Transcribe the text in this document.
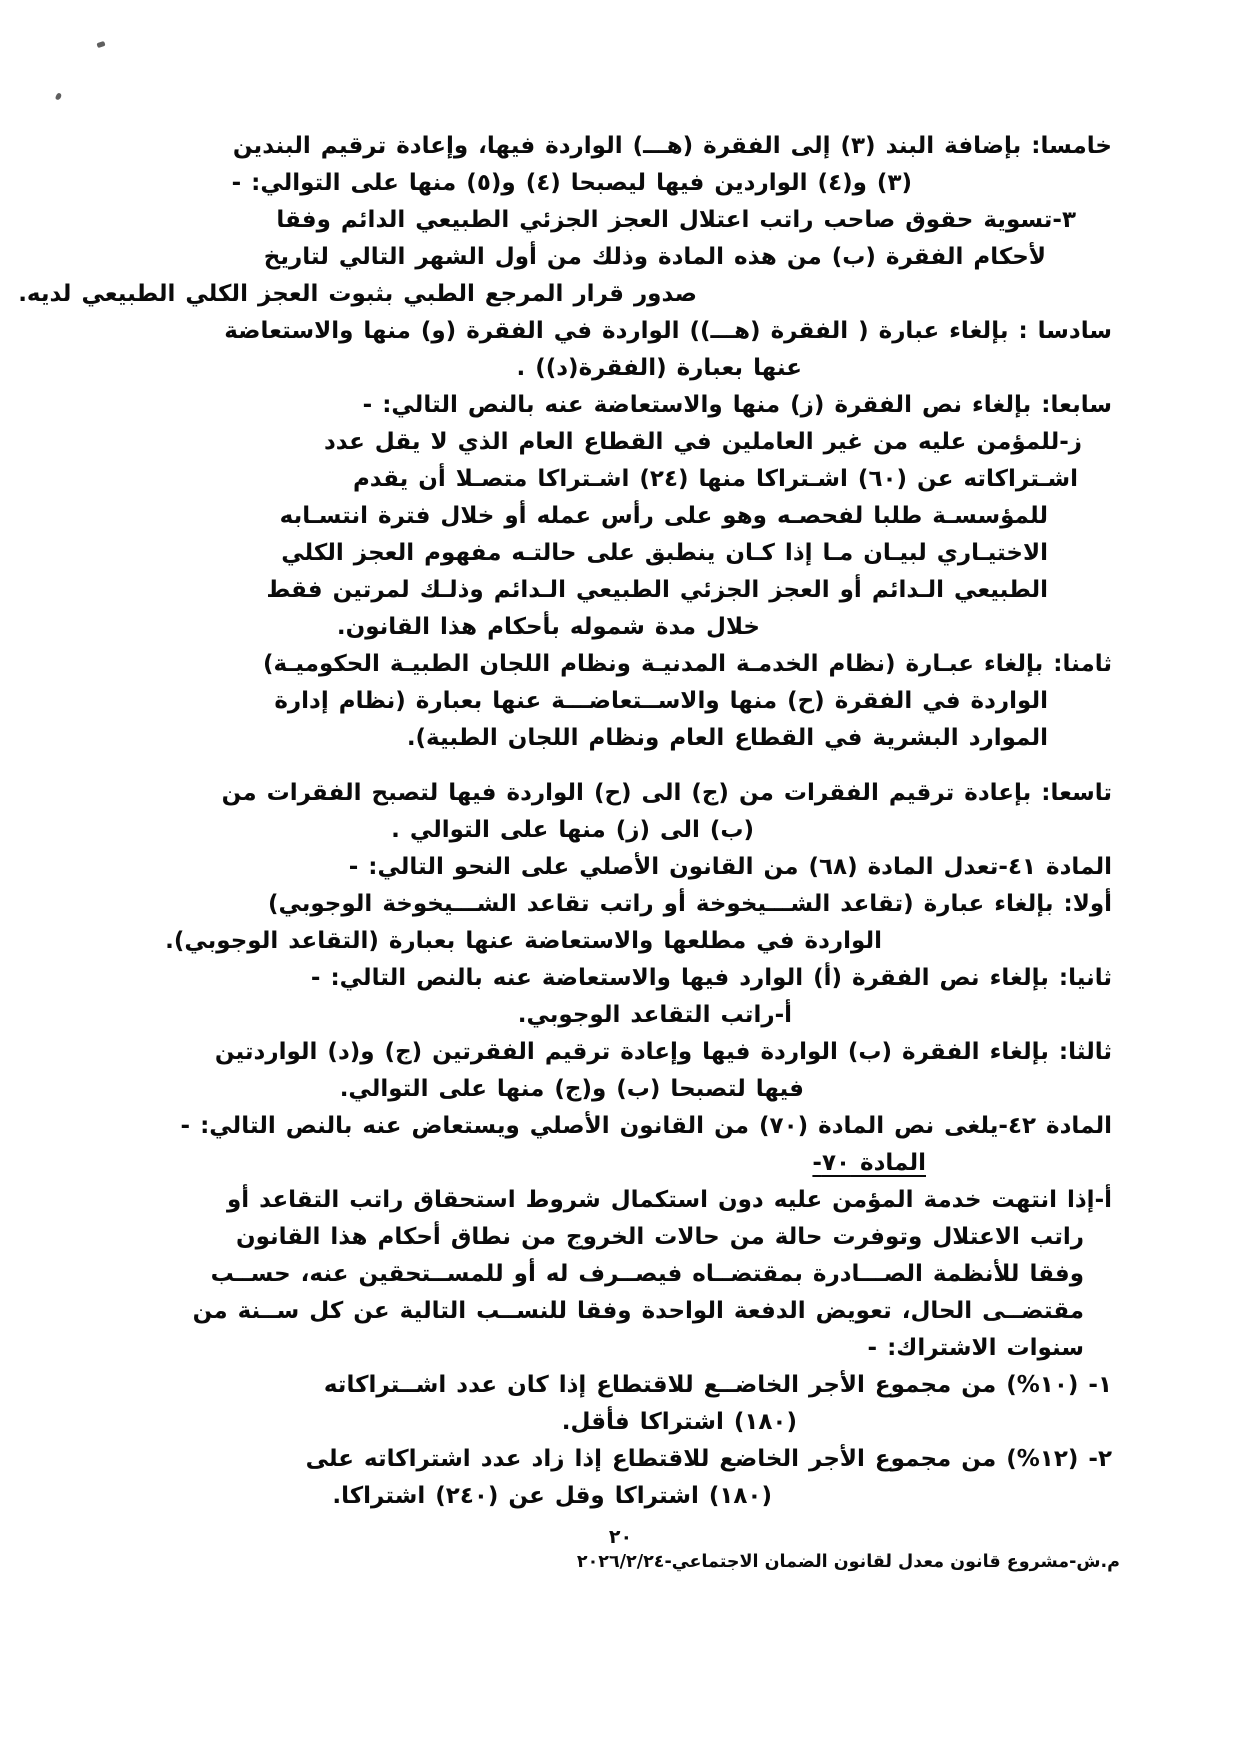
خامسا: بإضافة البند (٣) إلى الفقرة (هـــ) الواردة فيها، وإعادة ترقيم البندين
(٣) و(٤) الواردين فيها ليصبحا (٤) و(٥) منها على التوالي: -
٣-تسوية حقوق صاحب راتب اعتلال العجز الجزئي الطبيعي الدائم وفقا
لأحكام الفقرة (ب) من هذه المادة وذلك من أول الشهر التالي لتاريخ
صدور قرار المرجع الطبي بثبوت العجز الكلي الطبيعي لديه.
سادسا : بإلغاء عبارة ( الفقرة (هـــ)) الواردة في الفقرة (و) منها والاستعاضة
عنها بعبارة (الفقرة(د)) .
سابعا: بإلغاء نص الفقرة (ز) منها والاستعاضة عنه بالنص التالي: -
ز-للمؤمن عليه من غير العاملين في القطاع العام الذي لا يقل عدد
اشـتراكاته عن (٦٠) اشـتراكا منها (٢٤) اشـتراكا متصـلا أن يقدم
للمؤسسـة طلبا لفحصـه وهو على رأس عمله أو خلال فترة انتسـابه
الاختيـاري لبيـان مـا إذا كـان ينطبق على حالتـه مفهوم العجز الكلي
الطبيعي الـدائم أو العجز الجزئي الطبيعي الـدائم وذلـك لمرتين فقط
خلال مدة شموله بأحكام هذا القانون.
ثامنا: بإلغاء عبـارة (نظام الخدمـة المدنيـة ونظام اللجان الطبيـة الحكوميـة)
الواردة في الفقرة (ح) منها والاســتعاضـــة عنها بعبارة (نظام إدارة
الموارد البشرية في القطاع العام ونظام اللجان الطبية).
تاسعا: بإعادة ترقيم الفقرات من (ج) الى (ح) الواردة فيها لتصبح الفقرات من
(ب) الى (ز) منها على التوالي .
المادة ٤١-تعدل المادة (٦٨) من القانون الأصلي على النحو التالي: -
أولا: بإلغاء عبارة (تقاعد الشـــيخوخة أو راتب تقاعد الشـــيخوخة الوجوبي)
الواردة في مطلعها والاستعاضة عنها بعبارة (التقاعد الوجوبي).
ثانيا: بإلغاء نص الفقرة (أ) الوارد فيها والاستعاضة عنه بالنص التالي: -
أ-راتب التقاعد الوجوبي.
ثالثا: بإلغاء الفقرة (ب) الواردة فيها وإعادة ترقيم الفقرتين (ج) و(د) الواردتين
فيها لتصبحا (ب) و(ج) منها على التوالي.
المادة ٤٢-يلغى نص المادة (٧٠) من القانون الأصلي ويستعاض عنه بالنص التالي: -
المادة ٧٠-
أ-إذا انتهت خدمة المؤمن عليه دون استكمال شروط استحقاق راتب التقاعد أو
راتب الاعتلال وتوفرت حالة من حالات الخروج من نطاق أحكام هذا القانون
وفقا للأنظمة الصـــادرة بمقتضــاه فيصــرف له أو للمســتحقين عنه، حســب
مقتضــى الحال، تعويض الدفعة الواحدة وفقا للنســب التالية عن كل ســنة من
سنوات الاشتراك: -
١- (١٠%) من مجموع الأجر الخاضــع للاقتطاع إذا كان عدد اشــتراكاته
(١٨٠) اشتراكا فأقل.
٢- (١٢%) من مجموع الأجر الخاضع للاقتطاع إذا زاد عدد اشتراكاته على
(١٨٠) اشتراكا وقل عن (٢٤٠) اشتراكا.
٢٠
م.ش-مشروع قانون معدل لقانون الضمان الاجتماعي-٢٠٢٦/٢/٢٤
